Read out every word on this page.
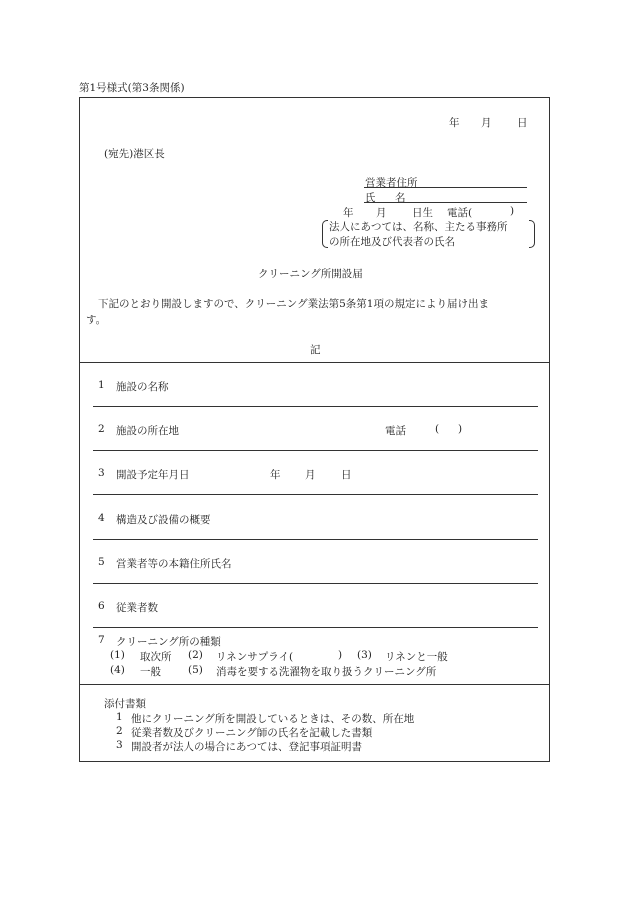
第1号様式(第3条関係)
年 月 日
(宛先)港区長
営業者住所
氏 名
年 月 日生 電話(	)
法人にあつては、名称、主たる事務所
の所在地及び代表者の氏名
クリーニング所開設届
下記のとおり開設しますので、クリーニング業法第5条第1項の規定により届け出ま
す。
記
1 施設の名称
2 施設の所在地	電話	( )
3 開設予定年月日	年 月 日
4 構造及び設備の概要
5 営業者等の本籍住所氏名
6 従業者数
7 クリーニング所の種類
(1) 取次所 (2) リネンサプライ(	) (3) リネンと一般
(4) 一般	(5) 消毒を要する洗濯物を取り扱うクリーニング所
添付書類
1 他にクリーニング所を開設しているときは、その数、所在地
2 従業者数及びクリーニング師の氏名を記載した書類
3 開設者が法人の場合にあつては、登記事項証明書
